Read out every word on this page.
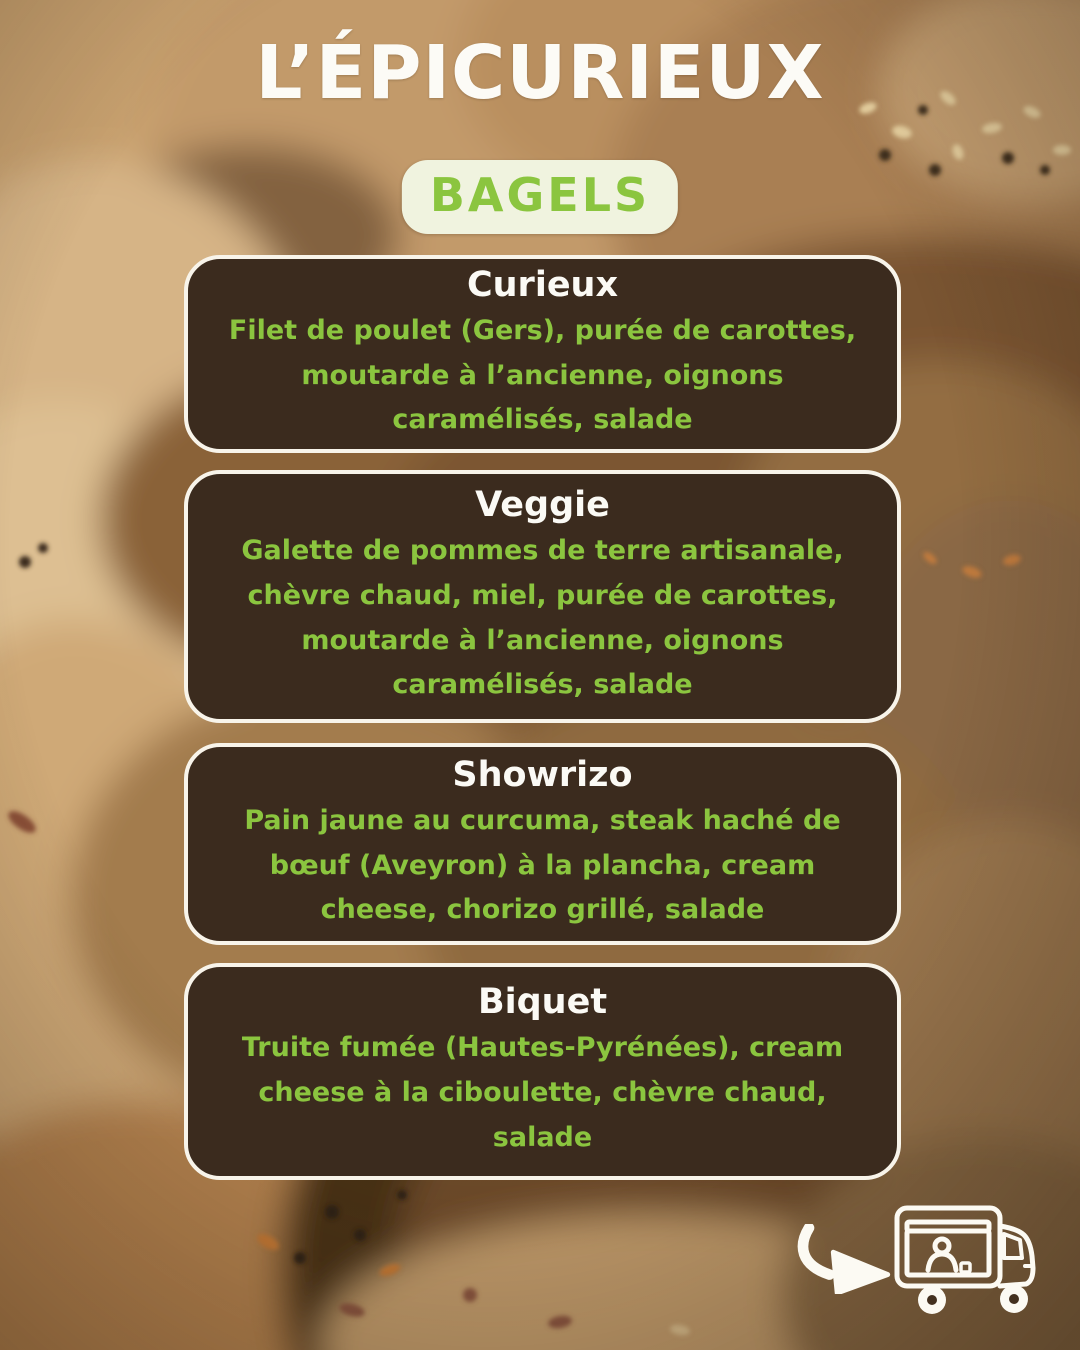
L’ÉPICURIEUX
BAGELS
Curieux

Filet de poulet (Gers), purée de carottes, moutarde à l’ancienne, oignons caramélisés, salade

Veggie

Galette de pommes de terre artisanale, chèvre chaud, miel, purée de carottes, moutarde à l’ancienne, oignons caramélisés, salade

Showrizo

Pain jaune au curcuma, steak haché de bœuf (Aveyron) à la plancha, cream cheese, chorizo grillé, salade

Biquet

Truite fumée (Hautes-Pyrénées), cream cheese à la ciboulette, chèvre chaud, salade
